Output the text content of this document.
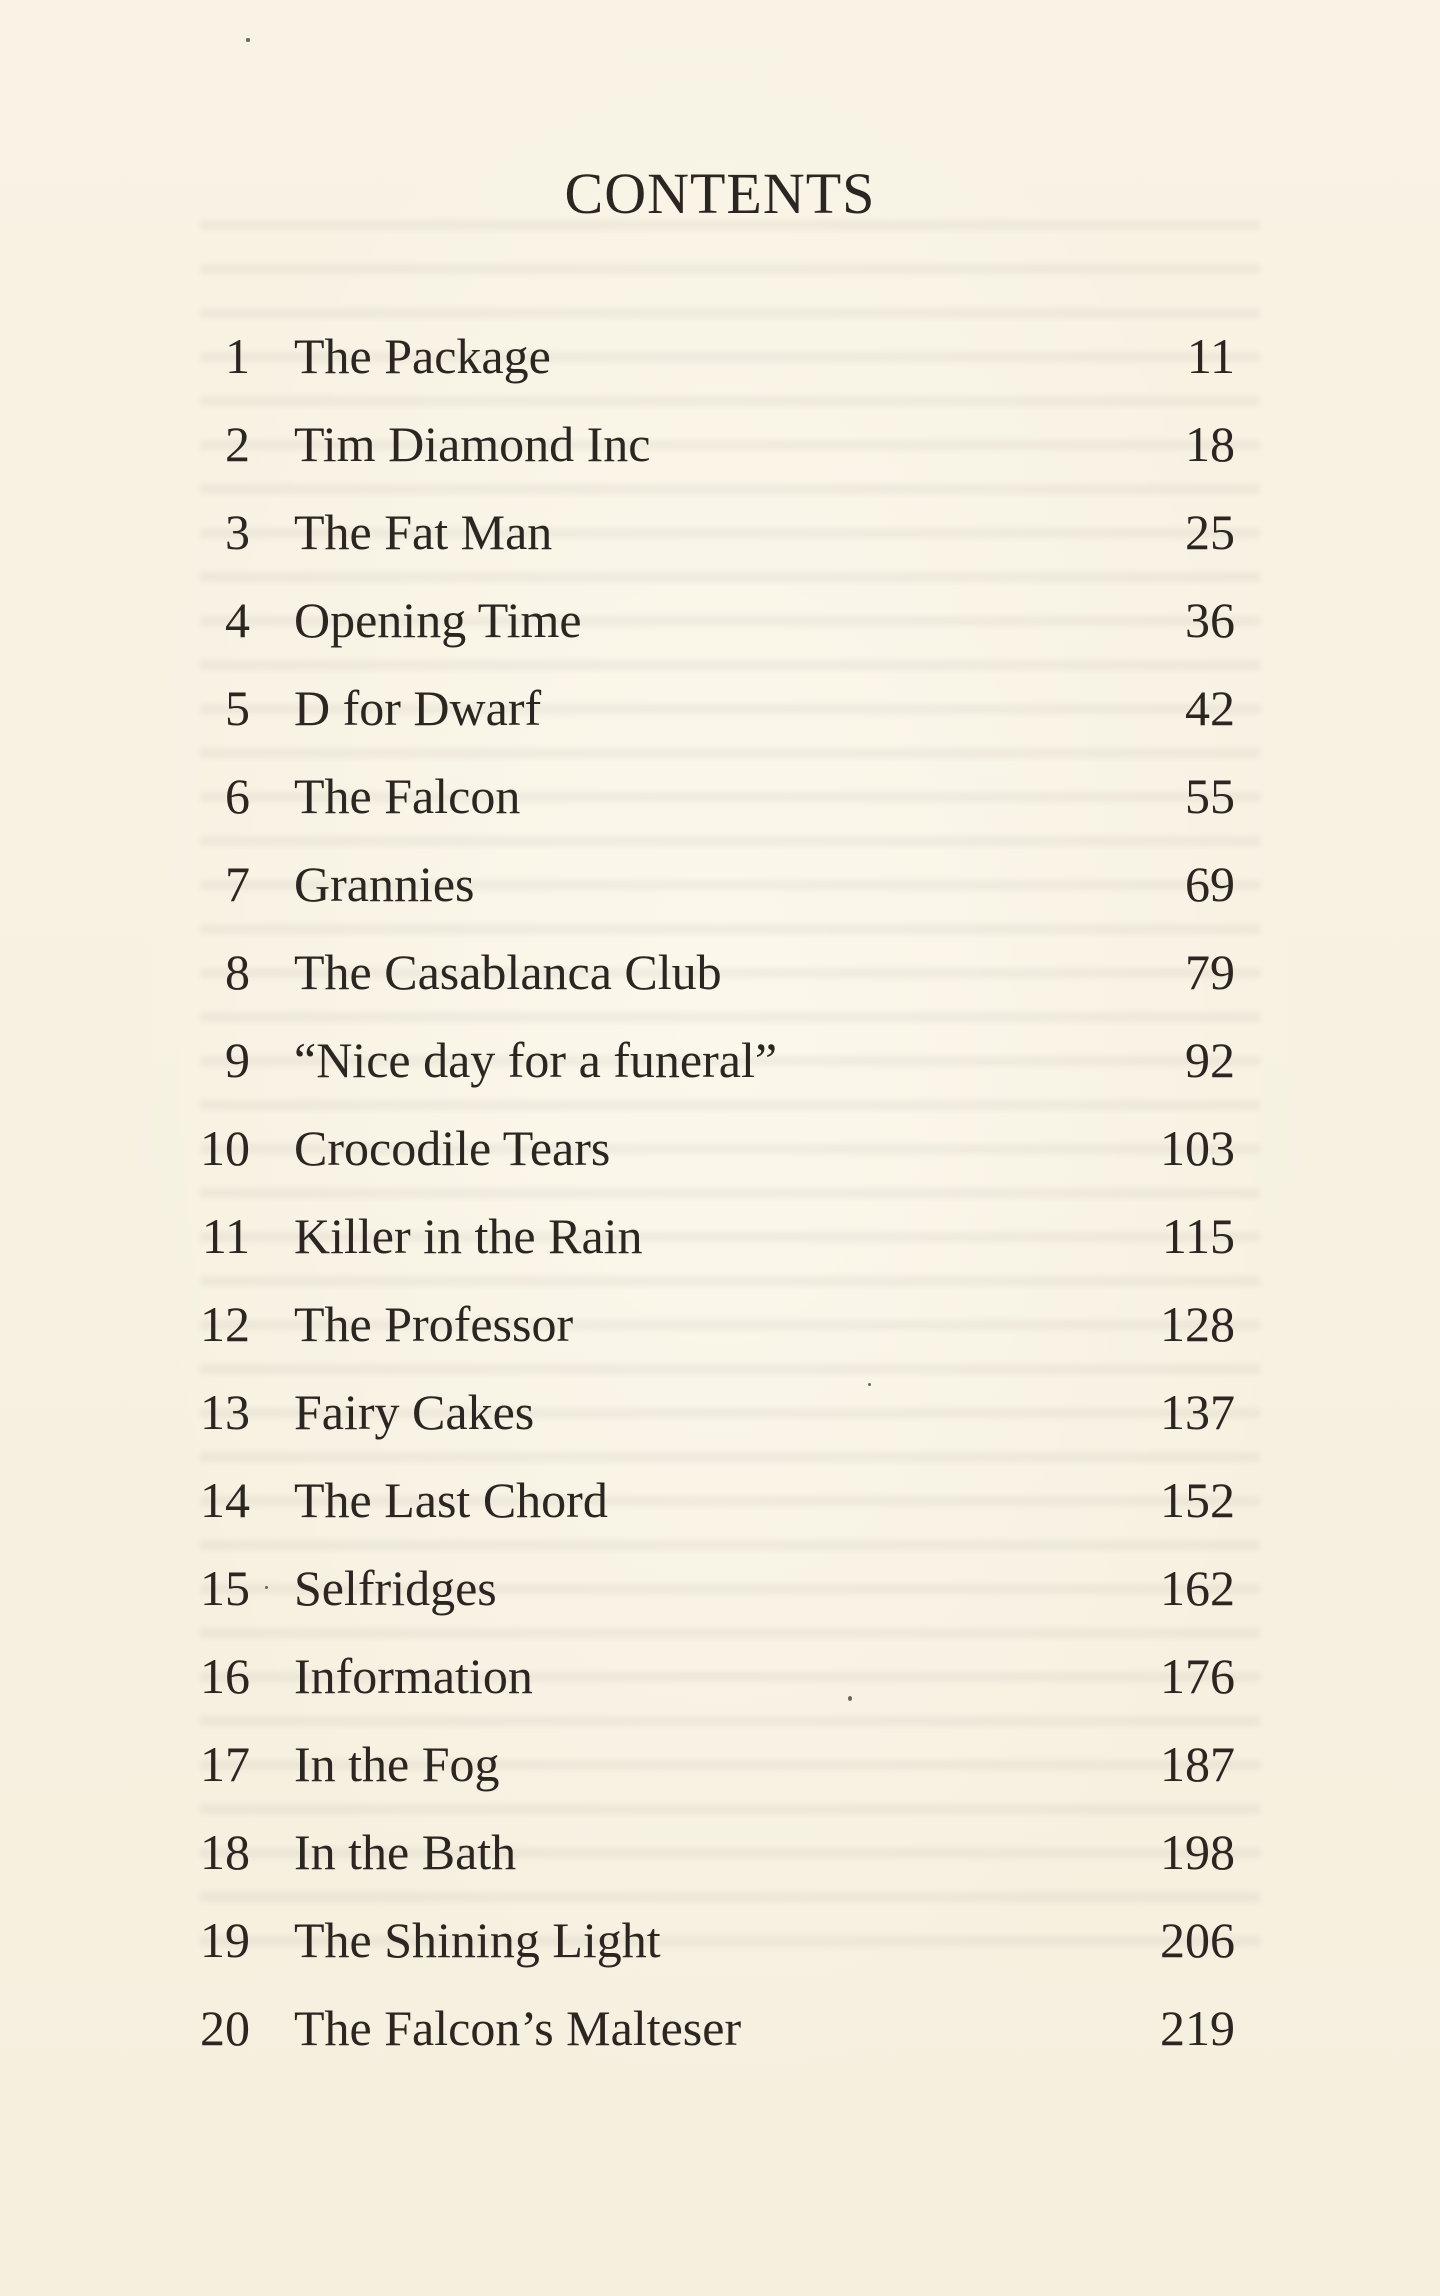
CONTENTS
1 The Package	11
2 Tim Diamond Inc	18
3 The Fat Man	25
4 Opening Time	36
5 D for Dwarf	42
6 The Falcon	55
7 Grannies	69
8 The Casablanca Club	79
9 “Nice day for a funeral”	92
10 Crocodile Tears	103
11 Killer in the Rain	115
12 The Professor	128
13 Fairy Cakes	137
14 The Last Chord	152
15 Selfridges	162
16 Information	176
17 In the Fog	187
18 In the Bath	198
19 The Shining Light	206
20 The Falcon’s Malteser	219
